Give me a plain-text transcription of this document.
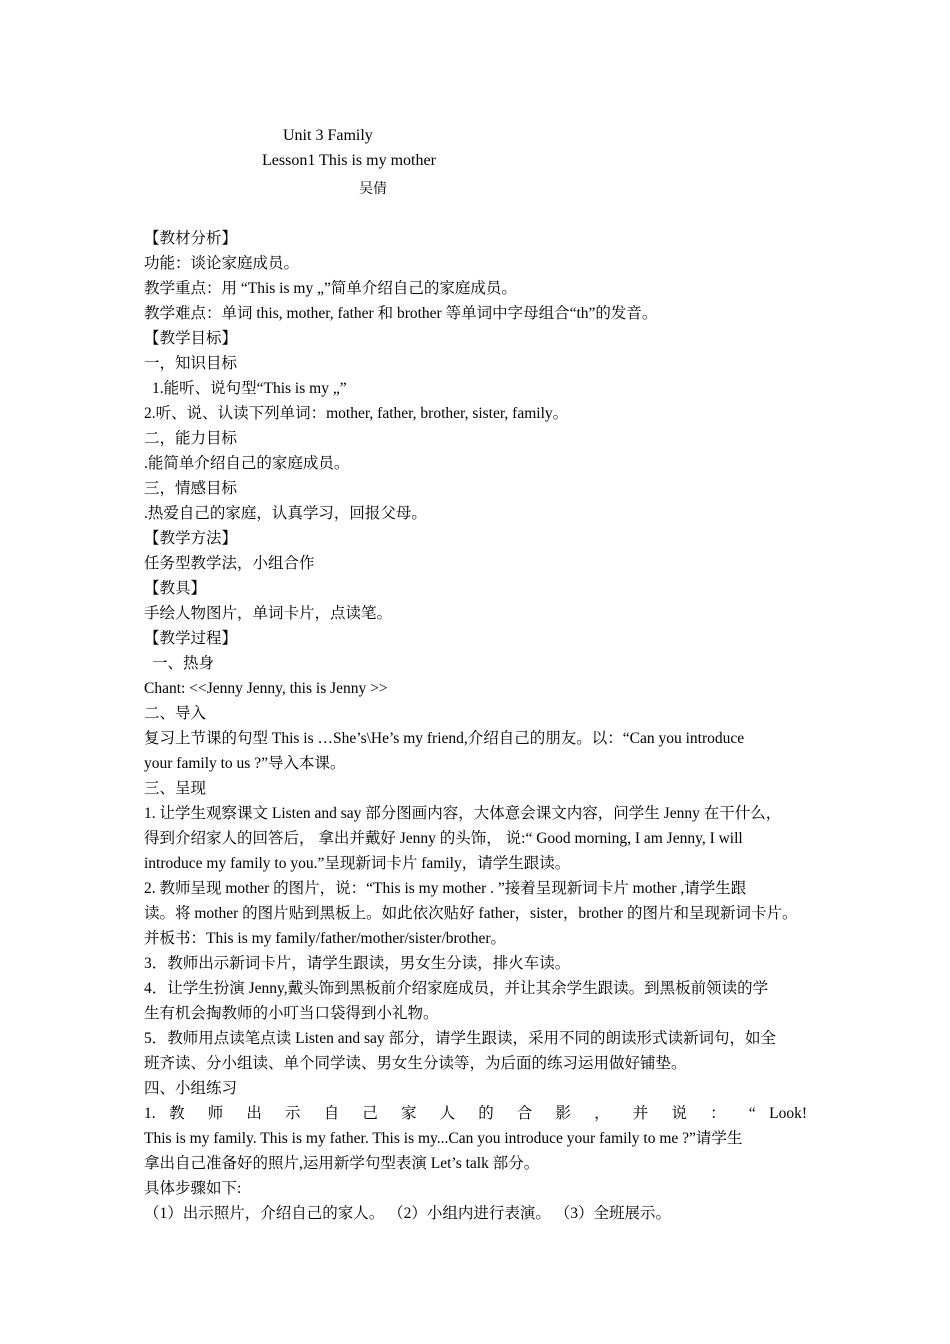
Unit 3 Family
Lesson1 This is my mother
吴倩

【教材分析】

功能：谈论家庭成员。

教学重点：用 “This is my „”简单介绍自己的家庭成员。

教学难点：单词 this, mother, father 和 brother 等单词中字母组合“th”的发音。

【教学目标】

一，知识目标

1.能听、说句型“This is my „”

2.听、说、认读下列单词：mother, father, brother, sister, family。

二，能力目标

.能简单介绍自己的家庭成员。

三，情感目标

.热爱自己的家庭，认真学习，回报父母。

【教学方法】

任务型教学法，小组合作

【教具】

手绘人物图片，单词卡片，点读笔。

【教学过程】

一、热身

Chant: <<Jenny Jenny, this is Jenny >>

二、导入

复习上节课的句型 This is …She’s\He’s my friend,介绍自己的朋友。以：“Can you introduce

your family to us ?”导入本课。

三、呈现

1. 让学生观察课文 Listen and say 部分图画内容，大体意会课文内容，问学生 Jenny 在干什么，

得到介绍家人的回答后， 拿出并戴好 Jenny 的头饰， 说:“ Good morning, I am Jenny, I will

introduce my family to you.”呈现新词卡片 family，请学生跟读。

2. 教师呈现 mother 的图片，说：“This is my mother . ”接着呈现新词卡片 mother ,请学生跟

读。将 mother 的图片贴到黑板上。如此依次贴好 father，sister，brother 的图片和呈现新词卡片。

并板书：This is my family/father/mother/sister/brother。

3．教师出示新词卡片，请学生跟读，男女生分读，排火车读。

4．让学生扮演 Jenny,戴头饰到黑板前介绍家庭成员，并让其余学生跟读。到黑板前领读的学

生有机会掏教师的小叮当口袋得到小礼物。

5．教师用点读笔点读 Listen and say 部分，请学生跟读，采用不同的朗读形式读新词句，如全

班齐读、分小组读、单个同学读、男女生分读等，为后面的练习运用做好铺垫。

四、小组练习

1. 教 师 出 示 自 己 家 人 的 合 影 ， 并 说 ： “ Look!

This is my family. This is my father. This is my...Can you introduce your family to me ?”请学生

拿出自己准备好的照片,运用新学句型表演 Let’s talk 部分。

具体步骤如下:

（1）出示照片，介绍自己的家人。 （2）小组内进行表演。 （3）全班展示。
